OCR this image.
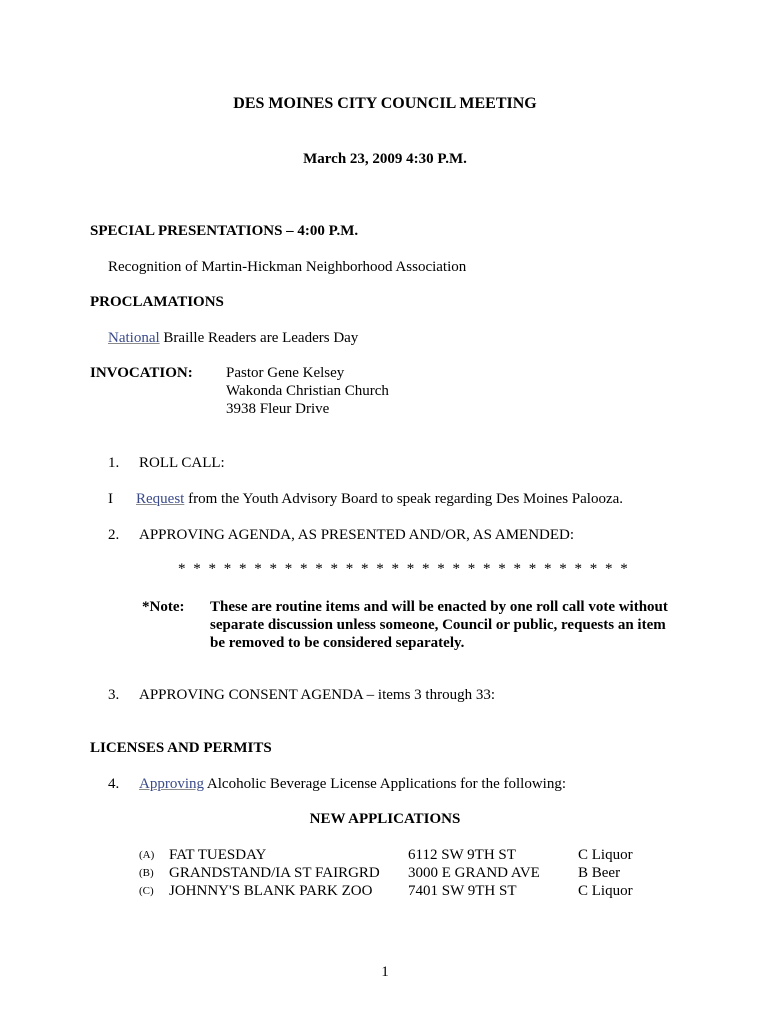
DES MOINES CITY COUNCIL MEETING
March 23, 2009 4:30 P.M.
SPECIAL PRESENTATIONS – 4:00 P.M.
Recognition of Martin-Hickman Neighborhood Association
PROCLAMATIONS
National Braille Readers are Leaders Day
INVOCATION: Pastor Gene Kelsey
Wakonda Christian Church
3938 Fleur Drive
1. ROLL CALL:
I Request from the Youth Advisory Board to speak regarding Des Moines Palooza.
2. APPROVING AGENDA, AS PRESENTED AND/OR, AS AMENDED:
* * * * * * * * * * * * * * * * * * * * * * * * * * * * * *
*Note: These are routine items and will be enacted by one roll call vote without separate discussion unless someone, Council or public, requests an item be removed to be considered separately.
3. APPROVING CONSENT AGENDA – items 3 through 33:
LICENSES AND PERMITS
4. Approving Alcoholic Beverage License Applications for the following:
NEW APPLICATIONS
(A) FAT TUESDAY	6112 SW 9TH ST	C Liquor
(B) GRANDSTAND/IA ST FAIRGRD 3000 E GRAND AVE	B Beer
(C) JOHNNY'S BLANK PARK ZOO 7401 SW 9TH ST	C Liquor
1
